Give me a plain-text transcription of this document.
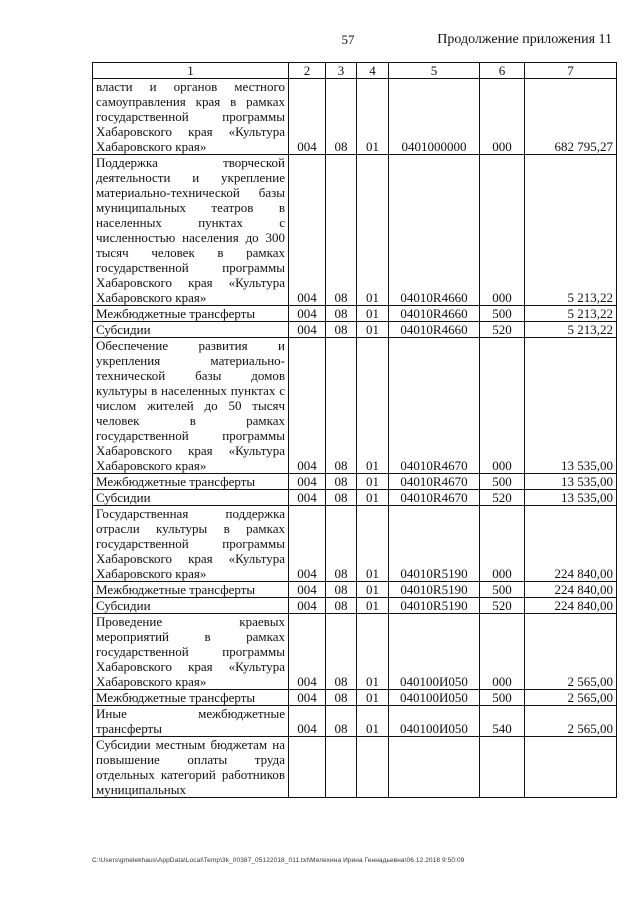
57	Продолжение приложения 11
1	2	3	4	5	6	7
власти и органов местного самоуправления края в рамках государственной программы Хабаровского края «Культура Хабаровского края»	004	08	01	0401000000	000	682 795,27
Поддержка творческой деятельности и укрепление материально-технической базы муниципальных театров в населенных пунктах с численностью населения до 300 тысяч человек в рамках государственной программы Хабаровского края «Культура Хабаровского края»	004	08	01	04010R4660	000	5 213,22
Межбюджетные трансферты	004	08	01	04010R4660	500	5 213,22
Субсидии	004	08	01	04010R4660	520	5 213,22
Обеспечение развития и укрепления материально-технической базы домов культуры в населенных пунктах с числом жителей до 50 тысяч человек в рамках государственной программы Хабаровского края «Культура Хабаровского края»	004	08	01	04010R4670	000	13 535,00
Межбюджетные трансферты	004	08	01	04010R4670	500	13 535,00
Субсидии	004	08	01	04010R4670	520	13 535,00
Государственная поддержка отрасли культуры в рамках государственной программы Хабаровского края «Культура Хабаровского края»	004	08	01	04010R5190	000	224 840,00
Межбюджетные трансферты	004	08	01	04010R5190	500	224 840,00
Субсидии	004	08	01	04010R5190	520	224 840,00
Проведение краевых мероприятий в рамках государственной программы Хабаровского края «Культура Хабаровского края»	004	08	01	040100И050	000	2 565,00
Межбюджетные трансферты	004	08	01	040100И050	500	2 565,00
Иные межбюджетные трансферты	004	08	01	040100И050	540	2 565,00
Субсидии местным бюджетам на повышение оплаты труда отдельных категорий работников муниципальных						
C:\Users\gmelekhaus\AppData\Local\Temp\3k_00387_05122018_011.txt\Мелехина Ирина Геннадьевна\06.12.2018 9:50:09
